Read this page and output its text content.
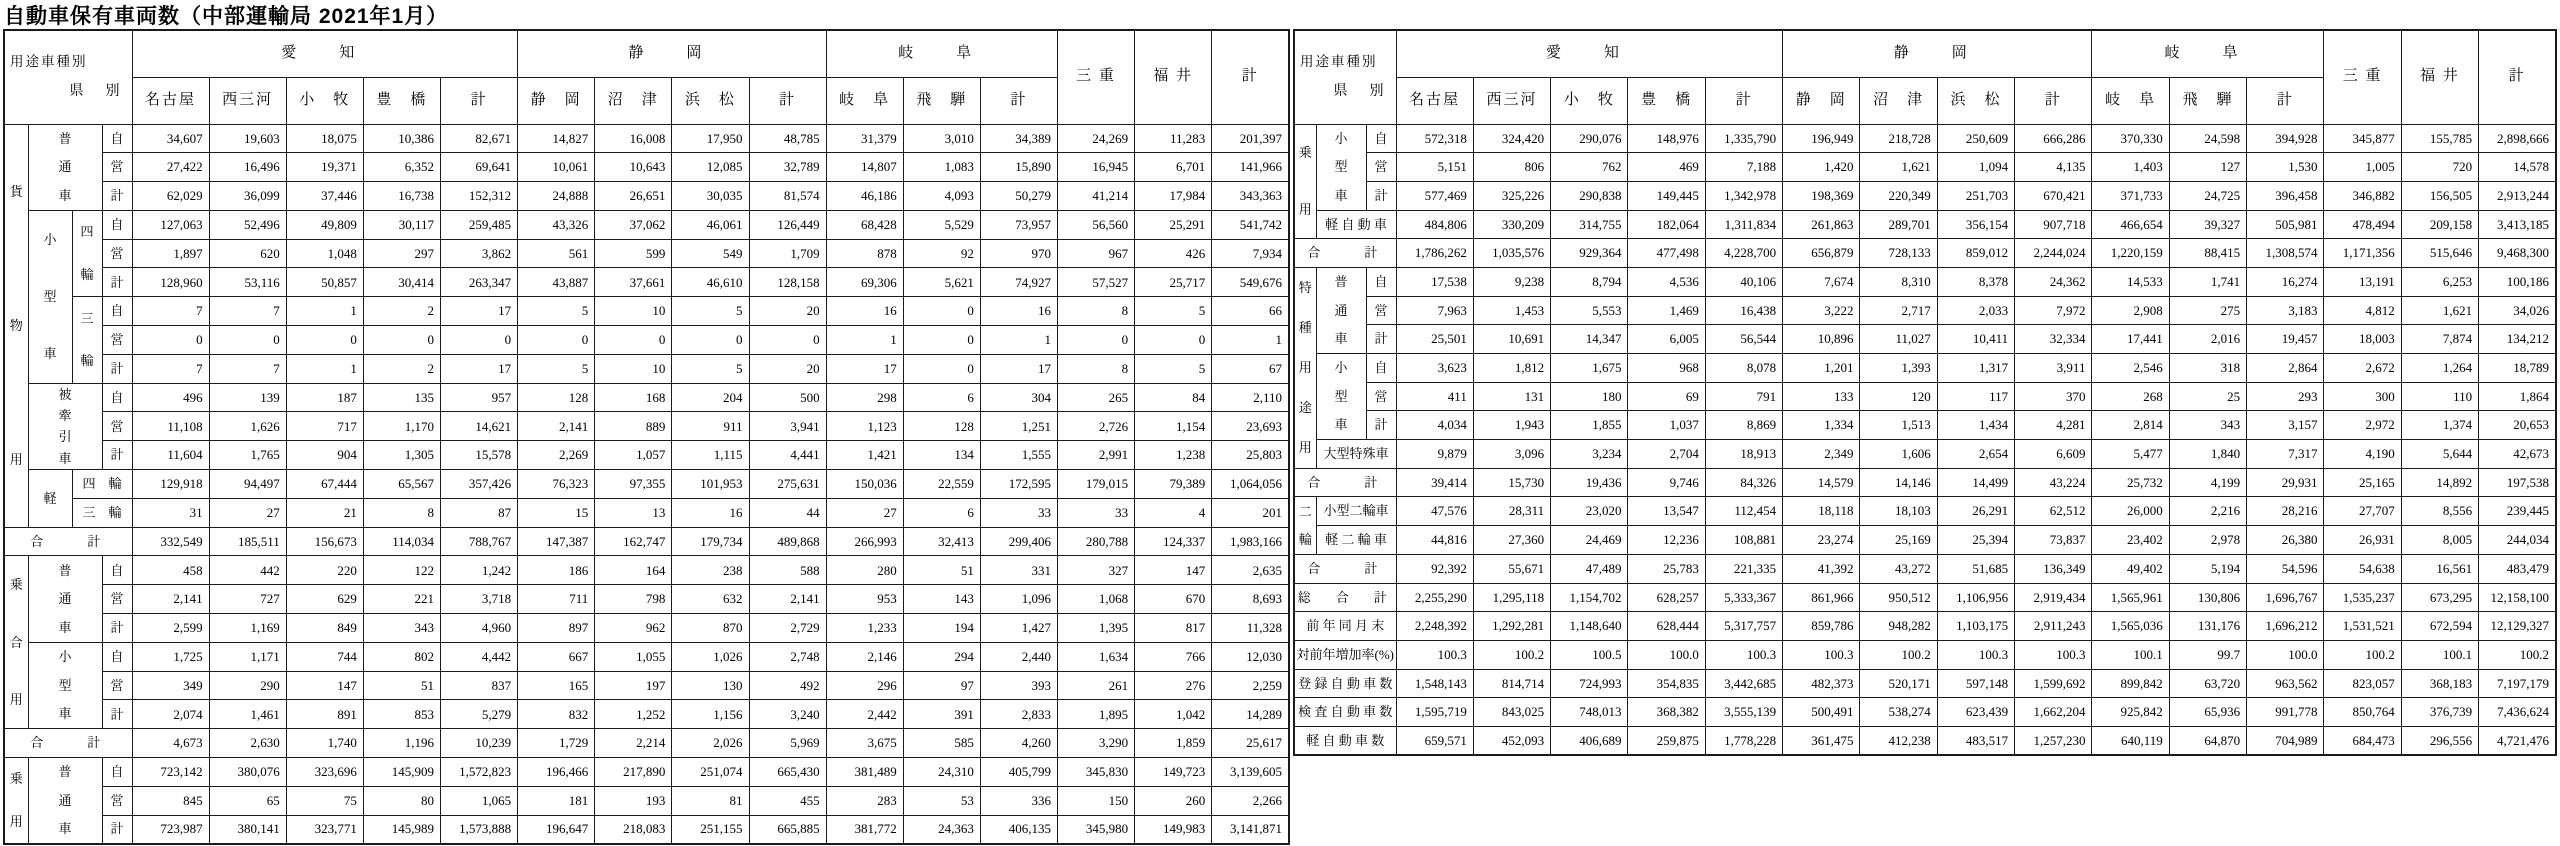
自動車保有車両数（中部運輸局 2021年1月）
県　別
用途車種別				愛　知					静　岡				岐　阜			三 重	福 井	計
				名古屋	西三河	小　牧	豊　橋	計	静　岡	沼　津	浜　松	計	岐　阜	飛　騨	計			

貨
物
用	普
通
車		自	34,607	19,603	18,075	10,386	82,671	14,827	16,008	17,950	48,785	31,379	3,010	34,389	24,269	11,283	201,397
			営	27,422	16,496	19,371	6,352	69,641	10,061	10,643	12,085	32,789	14,807	1,083	15,890	16,945	6,701	141,966
			計	62,029	36,099	37,446	16,738	152,312	24,888	26,651	30,035	81,574	46,186	4,093	50,279	41,214	17,984	343,363

	小
型
車	四
輪	自	127,063	52,496	49,809	30,117	259,485	43,326	37,062	46,061	126,449	68,428	5,529	73,957	56,560	25,291	541,742
			営	1,897	620	1,048	297	3,862	561	599	549	1,709	878	92	970	967	426	7,934
			計	128,960	53,116	50,857	30,414	263,347	43,887	37,661	46,610	128,158	69,306	5,621	74,927	57,527	25,717	549,676

		三
輪	自	7	7	1	2	17	5	10	5	20	16	0	16	8	5	66
			営	0	0	0	0	0	0	0	0	0	1	0	1	0	0	1
			計	7	7	1	2	17	5	10	5	20	17	0	17	8	5	67

	被
牽
引
車		自	496	139	187	135	957	128	168	204	500	298	6	304	265	84	2,110
			営	11,108	1,626	717	1,170	14,621	2,141	889	911	3,941	1,123	128	1,251	2,726	1,154	23,693
			計	11,604	1,765	904	1,305	15,578	2,269	1,057	1,115	4,441	1,421	134	1,555	2,991	1,238	25,803
	軽	四　輪		129,918	94,497	67,444	65,567	357,426	76,323	97,355	101,953	275,631	150,036	22,559	172,595	179,015	79,389	1,064,056
		三　輪		31	27	21	8	87	15	13	16	44	27	6	33	33	4	201
合　　計				332,549	185,511	156,673	114,034	788,767	147,387	162,747	179,734	489,868	266,993	32,413	299,406	280,788	124,337	1,983,166

乗
合
用	普
通
車		自	458	442	220	122	1,242	186	164	238	588	280	51	331	327	147	2,635
			営	2,141	727	629	221	3,718	711	798	632	2,141	953	143	1,096	1,068	670	8,693
			計	2,599	1,169	849	343	4,960	897	962	870	2,729	1,233	194	1,427	1,395	817	11,328

	小
型
車		自	1,725	1,171	744	802	4,442	667	1,055	1,026	2,748	2,146	294	2,440	1,634	766	12,030
			営	349	290	147	51	837	165	197	130	492	296	97	393	261	276	2,259
			計	2,074	1,461	891	853	5,279	832	1,252	1,156	3,240	2,442	391	2,833	1,895	1,042	14,289
合　　計				4,673	2,630	1,740	1,196	10,239	1,729	2,214	2,026	5,969	3,675	585	4,260	3,290	1,859	25,617

乗
用	普
通
車		自	723,142	380,076	323,696	145,909	1,572,823	196,466	217,890	251,074	665,430	381,489	24,310	405,799	345,830	149,723	3,139,605
			営	845	65	75	80	1,065	181	193	81	455	283	53	336	150	260	2,266
			計	723,987	380,141	323,771	145,989	1,573,888	196,647	218,083	251,155	665,885	381,772	24,363	406,135	345,980	149,983	3,141,871
県　別
用途車種別			愛　知					静　岡				岐　阜			三 重	福 井	計
			名古屋	西三河	小　牧	豊　橋	計	静　岡	沼　津	浜　松	計	岐　阜	飛　騨	計			

乗
用	小
型
車	自	572,318	324,420	290,076	148,976	1,335,790	196,949	218,728	250,609	666,286	370,330	24,598	394,928	345,877	155,785	2,898,666
		営	5,151	806	762	469	7,188	1,420	1,621	1,094	4,135	1,403	127	1,530	1,005	720	14,578
		計	577,469	325,226	290,838	149,445	1,342,978	198,369	220,349	251,703	670,421	371,733	24,725	396,458	346,882	156,505	2,913,244
	軽 自 動 車		484,806	330,209	314,755	182,064	1,311,834	261,863	289,701	356,154	907,718	466,654	39,327	505,981	478,494	209,158	3,413,185
合　　計			1,786,262	1,035,576	929,364	477,498	4,228,700	656,879	728,133	859,012	2,244,024	1,220,159	88,415	1,308,574	1,171,356	515,646	9,468,300

特
種
用
途
用	普
通
車	自	17,538	9,238	8,794	4,536	40,106	7,674	8,310	8,378	24,362	14,533	1,741	16,274	13,191	6,253	100,186
		営	7,963	1,453	5,553	1,469	16,438	3,222	2,717	2,033	7,972	2,908	275	3,183	4,812	1,621	34,026
		計	25,501	10,691	14,347	6,005	56,544	10,896	11,027	10,411	32,334	17,441	2,016	19,457	18,003	7,874	134,212

	小
型
車	自	3,623	1,812	1,675	968	8,078	1,201	1,393	1,317	3,911	2,546	318	2,864	2,672	1,264	18,789
		営	411	131	180	69	791	133	120	117	370	268	25	293	300	110	1,864
		計	4,034	1,943	1,855	1,037	8,869	1,334	1,513	1,434	4,281	2,814	343	3,157	2,972	1,374	20,653
	大型特殊車		9,879	3,096	3,234	2,704	18,913	2,349	1,606	2,654	6,609	5,477	1,840	7,317	4,190	5,644	42,673
合　　計			39,414	15,730	19,436	9,746	84,326	14,579	14,146	14,499	43,224	25,732	4,199	29,931	25,165	14,892	197,538

二
輪	小型二輪車		47,576	28,311	23,020	13,547	112,454	18,118	18,103	26,291	62,512	26,000	2,216	28,216	27,707	8,556	239,445
	軽 二 輪 車		44,816	27,360	24,469	12,236	108,881	23,274	25,169	25,394	73,837	23,402	2,978	26,380	26,931	8,005	244,034
合　　計			92,392	55,671	47,489	25,783	221,335	41,392	43,272	51,685	136,349	49,402	5,194	54,596	54,638	16,561	483,479
総　合　計			2,255,290	1,295,118	1,154,702	628,257	5,333,367	861,966	950,512	1,106,956	2,919,434	1,565,961	130,806	1,696,767	1,535,237	673,295	12,158,100
前 年 同 月 末			2,248,392	1,292,281	1,148,640	628,444	5,317,757	859,786	948,282	1,103,175	2,911,243	1,565,036	131,176	1,696,212	1,531,521	672,594	12,129,327
対前年増加率(%)			100.3	100.2	100.5	100.0	100.3	100.3	100.2	100.3	100.3	100.1	99.7	100.0	100.2	100.1	100.2
登 録 自 動 車 数			1,548,143	814,714	724,993	354,835	3,442,685	482,373	520,171	597,148	1,599,692	899,842	63,720	963,562	823,057	368,183	7,197,179
検 査 自 動 車 数			1,595,719	843,025	748,013	368,382	3,555,139	500,491	538,274	623,439	1,662,204	925,842	65,936	991,778	850,764	376,739	7,436,624
軽 自 動 車 数			659,571	452,093	406,689	259,875	1,778,228	361,475	412,238	483,517	1,257,230	640,119	64,870	704,989	684,473	296,556	4,721,476
